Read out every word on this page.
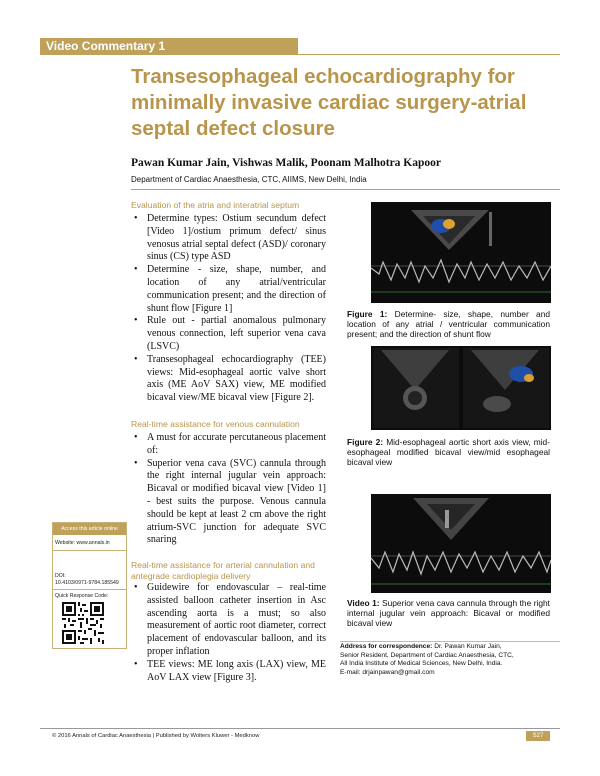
Video Commentary 1
Transesophageal echocardiography for minimally invasive cardiac surgery-atrial septal defect closure
Pawan Kumar Jain, Vishwas Malik, Poonam Malhotra Kapoor
Department of Cardiac Anaesthesia, CTC, AIIMS, New Delhi, India
Evaluation of the atria and interatrial septum
• Determine types: Ostium secundum defect [Video 1]/ostium primum defect/ sinus venosus atrial septal defect (ASD)/ coronary sinus (CS) type ASD
• Determine - size, shape, number, and location of any atrial/ventricular communication present; and the direction of shunt flow [Figure 1]
• Rule out - partial anomalous pulmonary venous connection, left superior vena cava (LSVC)
• Transesophageal echocardiography (TEE) views: Mid-esophageal aortic valve short axis (ME AoV SAX) view, ME modified bicaval view/ME bicaval view [Figure 2].
Real-time assistance for venous cannulation
• A must for accurate percutaneous placement of:
• Superior vena cava (SVC) cannula through the right internal jugular vein approach: Bicaval or modified bicaval view [Video 1] - best suits the purpose. Venous cannula should be kept at least 2 cm above the right atrium-SVC junction for adequate SVC snaring
Real-time assistance for arterial cannulation and antegrade cardioplegia delivery
• Guidewire for endovascular – real-time assisted balloon catheter insertion in Asc ascending aorta is a must; so also measurement of aortic root diameter, correct placement of endovascular balloon, and its proper inflation
• TEE views: ME long axis (LAX) view, ME AoV LAX view [Figure 3].
Access this article online
Website: www.annals.in
DOI:
10.4103/0971-9784.185549
Quick Response Code:
Figure 1: Determine- size, shape, number and location of any atrial / ventricular communication present; and the direction of shunt flow
Figure 2: Mid-esophageal aortic short axis view, mid-esophageal modified bicaval view/mid esophageal bicaval view
Video 1: Superior vena cava cannula through the right internal jugular vein approach: Bicaval or modified bicaval view
Address for correspondence: Dr. Pawan Kumar Jain,
Senior Resident, Department of Cardiac Anaesthesia, CTC,
All India Institute of Medical Sciences, New Delhi, India.
E-mail: drjainpawan@gmail.com
© 2016 Annals of Cardiac Anaesthesia | Published by Wolters Kluwer - Medknow	S27
